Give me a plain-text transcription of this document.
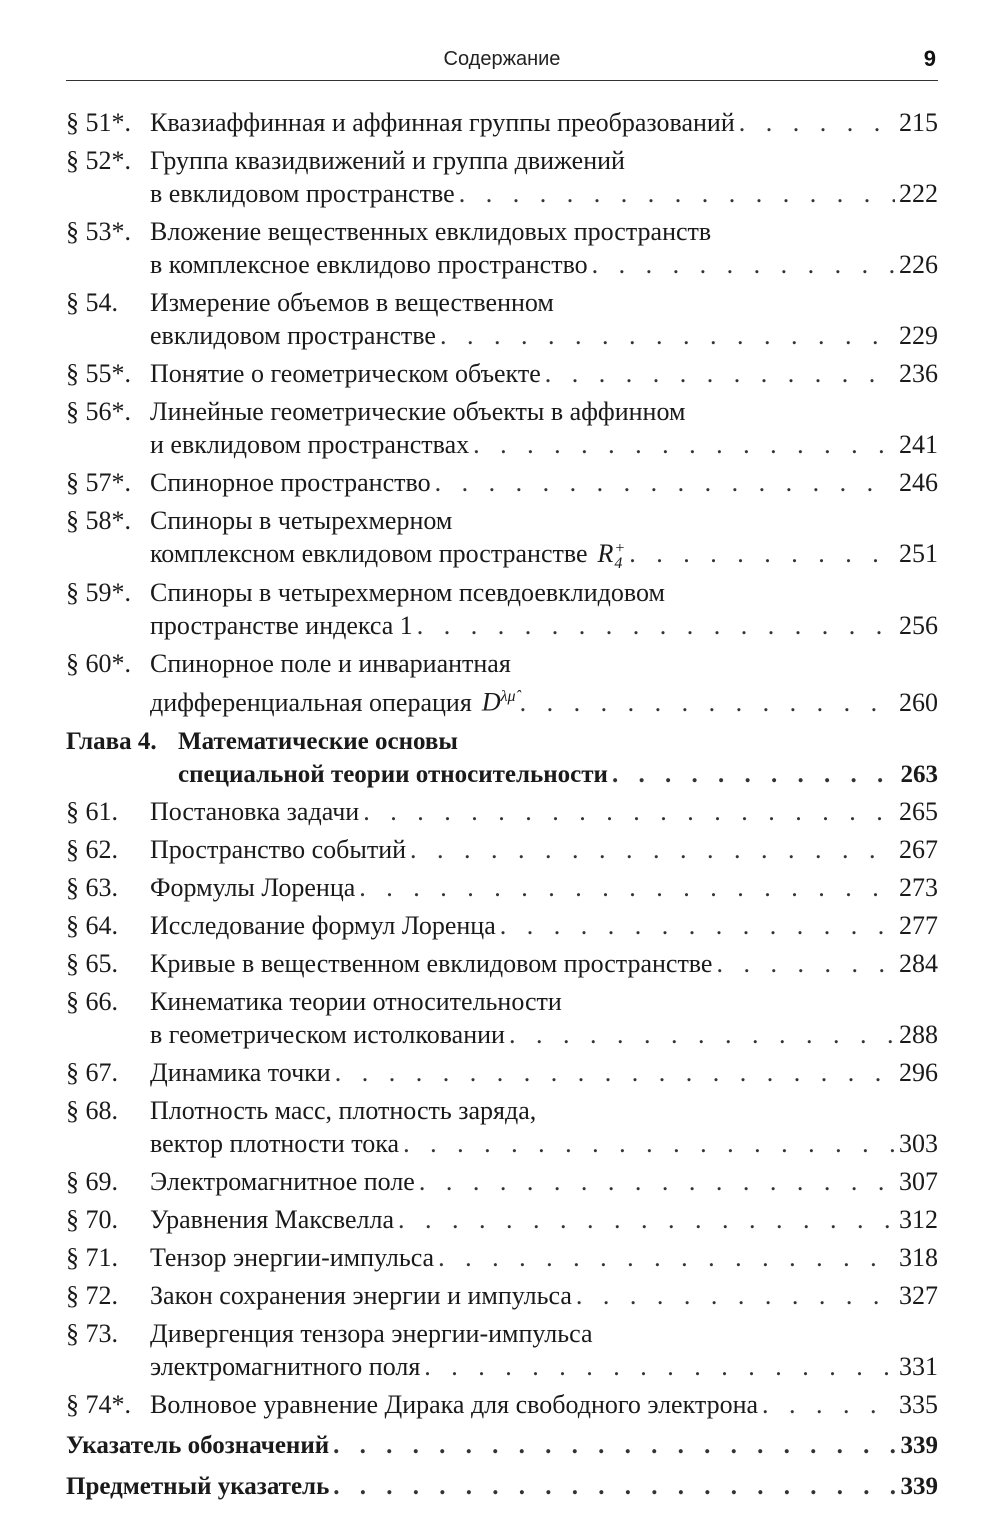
Содержание	9
§ 51*. Квазиаффинная и аффинная группы преобразований . . .	215
§ 52*. Группа квазидвижений и группа движений
в евклидовом пространстве . . .	222
§ 53*. Вложение вещественных евклидовых пространств
в комплексное евклидово пространство . . .	226
§ 54.	Измерение объемов в вещественном
евклидовом пространстве . . .	229
§ 55*. Понятие о геометрическом объекте . . .	236
§ 56*. Линейные геометрические объекты в аффинном
и евклидовом пространствах . . .	241
§ 57*. Спинорное пространство . . .	246
§ 58*. Спиноры в четырехмерном
комплексном евклидовом пространстве R +
4 . . .	251
§ 59*. Спиноры в четырехмерном псевдоевклидовом
пространстве индекса 1 . . .	256
§ 60*. Спинорное поле и инвариантная
дифференциальная операция $D^{\lambda\mû}$ . . .	260
Глава 4. Математические основы
специальной теории относительности . . .	263
§ 61.	Постановка задачи . . .	265
§ 62.	Пространство событий . . .	267
§ 63.	Формулы Лоренца . . .	273
§ 64.	Исследование формул Лоренца . . .	277
§ 65.	Кривые в вещественном евклидовом пространстве . . .	284
§ 66.	Кинематика теории относительности
в геометрическом истолковании . . .	288
§ 67.	Динамика точки . . .	296
§ 68.	Плотность масс, плотность заряда,
вектор плотности тока . . .	303
§ 69.	Электромагнитное поле . . .	307
§ 70.	Уравнения Максвелла . . .	312
§ 71.	Тензор энергии-импульса . . .	318
§ 72.	Закон сохранения энергии и импульса . . .	327
§ 73.	Дивергенция тензора энергии-импульса
электромагнитного поля . . .	331
§ 74*. Волновое уравнение Дирака для свободного электрона . . .	335
Указатель обозначений . . .	339
Предметный указатель . . .	339
